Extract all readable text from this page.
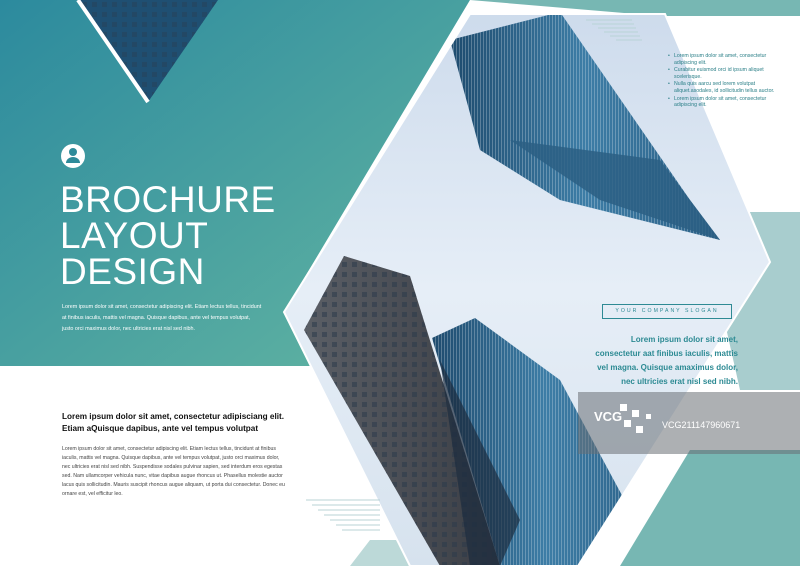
BROCHURE
LAYOUT
DESIGN
Lorem ipsum dolor sit amet, consectetur adipiscing elit. Etiam lectus tellus, tincidunt at finibus iaculis, mattis vel magna. Quisque dapibus, ante vel tempus volutpat, justo orci maximus dolor, nec ultricies erat nisl sed nibh.
• Lorem ipsum dolor sit amet, consectetur adipiscing elit.
• Curabitur euismod orci id ipsum aliquet scelerisque.
• Nulla quis aarcu sed lorem volutpat aliquet.asodales, id sollicitudin tellus auctor.
• Lorem ipsum dolor sit amet, consectetur adipiscing elit.
YOUR COMPANY SLOGAN
Lorem ipsum dolor sit amet, consectetur aat finibus iaculis, mattis vel magna. Quisque amaximus dolor, nec ultricies erat nisl sed nibh.
Lorem ipsum dolor sit amet, consectetur adipisciang elit. Etiam aQuisque dapibus, ante vel tempus volutpat
Lorem ipsum dolor sit amet, consectetur adipiscing elit. Etiam lectus tellus, tincidunt at finibus iaculis, mattis vel magna. Quisque dapibus, ante vel tempus volutpat, justo orci maximus dolor, nec ultricies erat nisl sed nibh. Suspendisse sodales pulvinar sapien, sed interdum eros egestas sed. Nam ullamcorper vehicula nunc, vitae dapibus augue rhoncus ut. Phasellus molestie auctor lacus quis sollicitudin. Mauris suscipit rhoncus augue aliquam, ut porta dui consectetur. Donec eu ornare est, vel efficitur leo.
VCG
VCG211147960671
